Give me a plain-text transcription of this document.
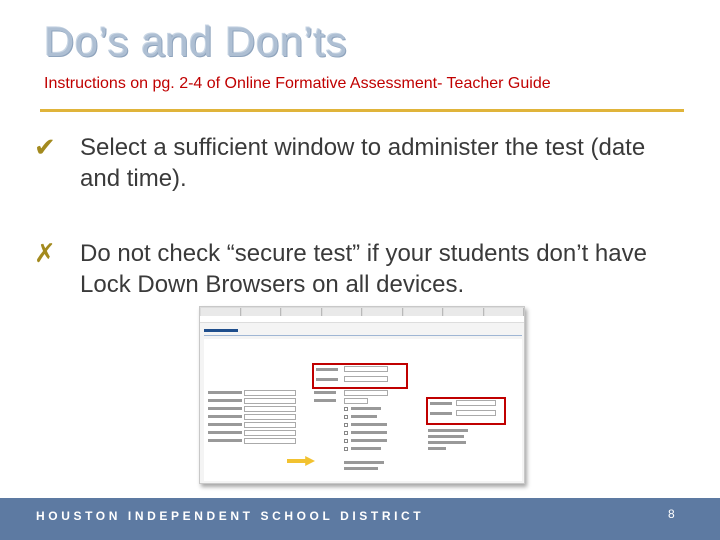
Do’s and Don’ts
Instructions on pg. 2-4 of Online Formative Assessment- Teacher Guide
✔	Select a sufficient window to administer the test (date and time).
✗	Do not check “secure test” if your students don’t have Lock Down Browsers on all devices.
HOUSTON INDEPENDENT SCHOOL DISTRICT	8
